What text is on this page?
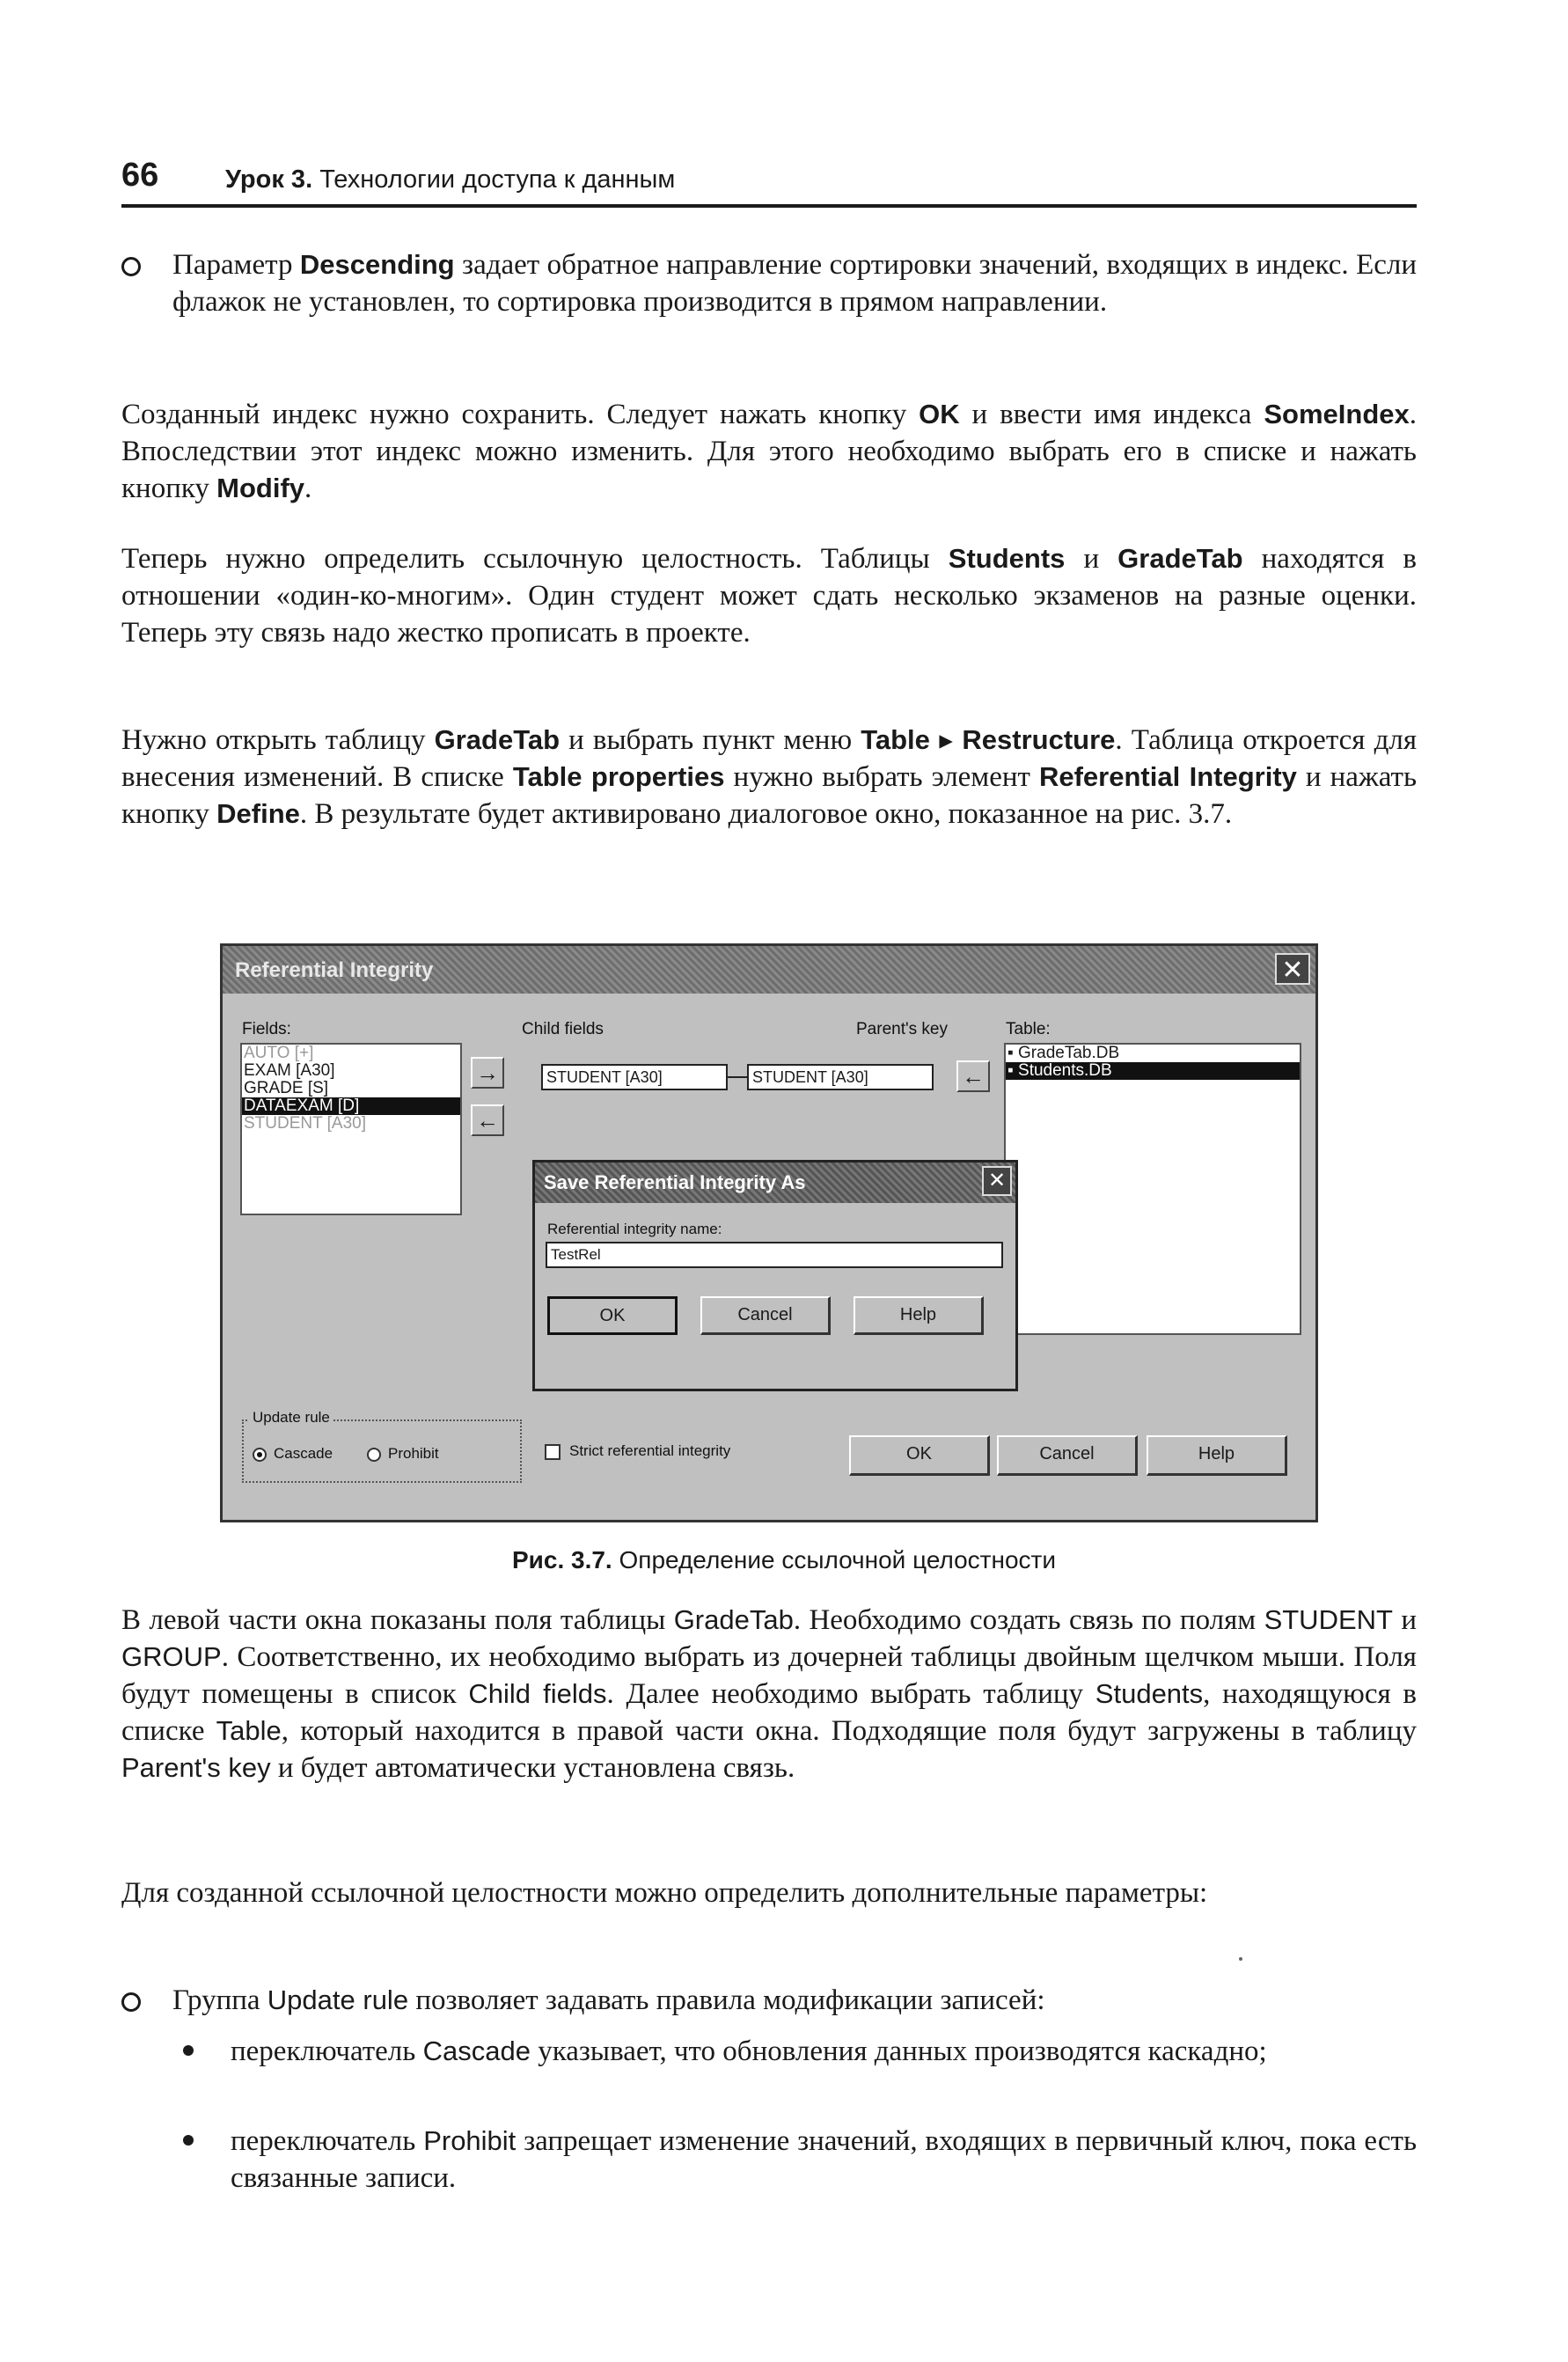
66	Урок 3. Технологии доступа к данным
Параметр Descending задает обратное направление сортировки значений, входящих в индекс. Если флажок не установлен, то сортировка производится в прямом направлении.
Созданный индекс нужно сохранить. Следует нажать кнопку OK и ввести имя индекса SomeIndex. Впоследствии этот индекс можно изменить. Для этого необходимо выбрать его в списке и нажать кнопку Modify.
Теперь нужно определить ссылочную целостность. Таблицы Students и GradeTab находятся в отношении «один-ко-многим». Один студент может сдать несколько экзаменов на разные оценки. Теперь эту связь надо жестко прописать в проекте.
Нужно открыть таблицу GradeTab и выбрать пункт меню Table ▸ Restructure. Таблица откроется для внесения изменений. В списке Table properties нужно выбрать элемент Referential Integrity и нажать кнопку Define. В результате будет активировано диалоговое окно, показанное на рис. 3.7.
Referential Integrity	✕
Fields:
AUTO [+]
EXAM [A30]
GRADE [S]
DATAEXAM [D]
STUDENT [A30]
→
←
Child fields	Parent's key
STUDENT [A30]	STUDENT [A30]	←
Table:
▪ GradeTab.DB
▪ Students.DB
Save Referential Integrity As	✕
Referential integrity name:
TestRel
OK	Cancel	Help
Update rule
Cascade	Prohibit	Strict referential integrity	OK	Cancel	Help
Рис. 3.7. Определение ссылочной целостности
В левой части окна показаны поля таблицы GradeTab. Необходимо создать связь по полям STUDENT и GROUP. Соответственно, их необходимо выбрать из дочерней таблицы двойным щелчком мыши. Поля будут помещены в список Child fields. Далее необходимо выбрать таблицу Students, находящуюся в списке Table, который находится в правой части окна. Подходящие поля будут загружены в таблицу Parent's key и будет автоматически установлена связь.
Для созданной ссылочной целостности можно определить дополнительные параметры:
Группа Update rule позволяет задавать правила модификации записей:
переключатель Cascade указывает, что обновления данных производятся каскадно;
переключатель Prohibit запрещает изменение значений, входящих в первичный ключ, пока есть связанные записи.
